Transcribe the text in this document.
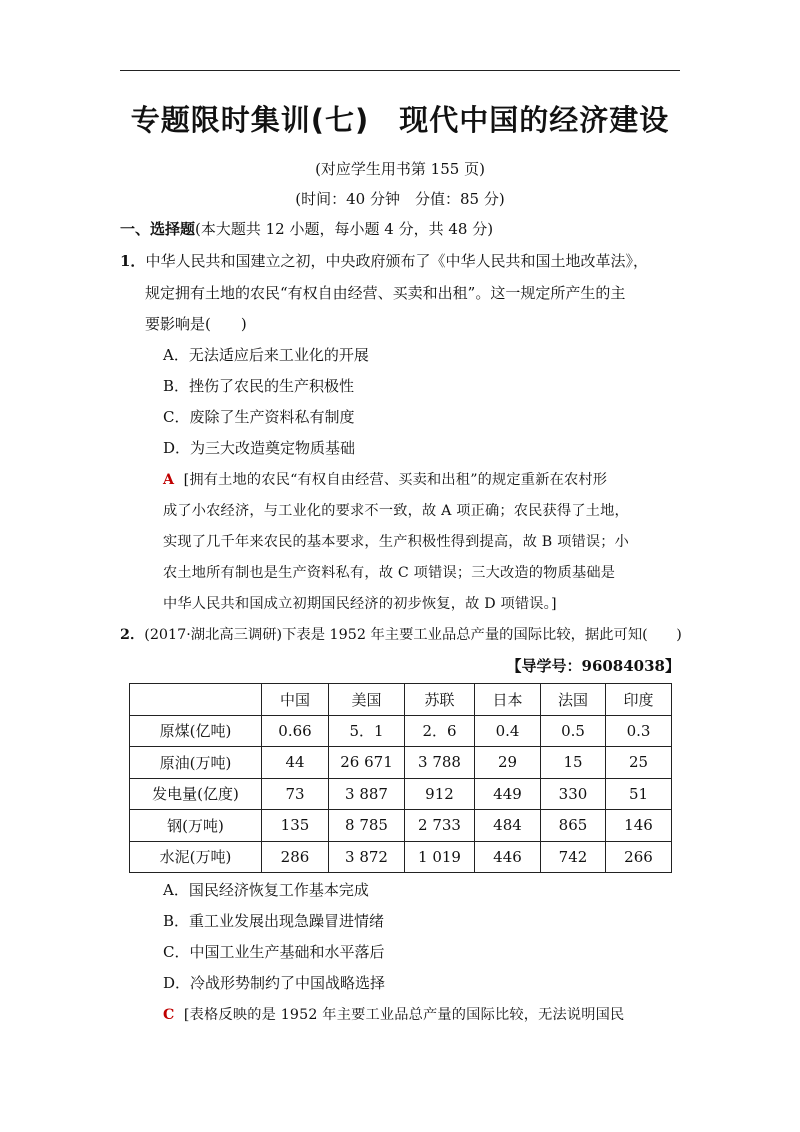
专题限时集训(七)　现代中国的经济建设
(对应学生用书第 155 页)
(时间：40 分钟　分值：85 分)
一、选择题(本大题共 12 小题，每小题 4 分，共 48 分)
1．中华人民共和国建立之初，中央政府颁布了《中华人民共和国土地改革法》，
规定拥有土地的农民“有权自由经营、买卖和出租”。这一规定所产生的主
要影响是(　　)
A．无法适应后来工业化的开展
B．挫伤了农民的生产积极性
C．废除了生产资料私有制度
D．为三大改造奠定物质基础
A [拥有土地的农民“有权自由经营、买卖和出租”的规定重新在农村形
成了小农经济，与工业化的要求不一致，故 A 项正确；农民获得了土地，
实现了几千年来农民的基本要求，生产积极性得到提高，故 B 项错误；小
农土地所有制也是生产资料私有，故 C 项错误；三大改造的物质基础是
中华人民共和国成立初期国民经济的初步恢复，故 D 项错误。]
2．(2017·湖北高三调研)下表是 1952 年主要工业品总产量的国际比较，据此可知(　　)
【导学号：96084038】
	中国	美国	苏联	日本	法国	印度
原煤(亿吨)	0.66	5．1	2．6	0.4	0.5	0.3
原油(万吨)	44	26 671	3 788	29	15	25
发电量(亿度)	73	3 887	912	449	330	51
钢(万吨)	135	8 785	2 733	484	865	146
水泥(万吨)	286	3 872	1 019	446	742	266
A．国民经济恢复工作基本完成
B．重工业发展出现急躁冒进情绪
C．中国工业生产基础和水平落后
D．冷战形势制约了中国战略选择
C [表格反映的是 1952 年主要工业品总产量的国际比较，无法说明国民
